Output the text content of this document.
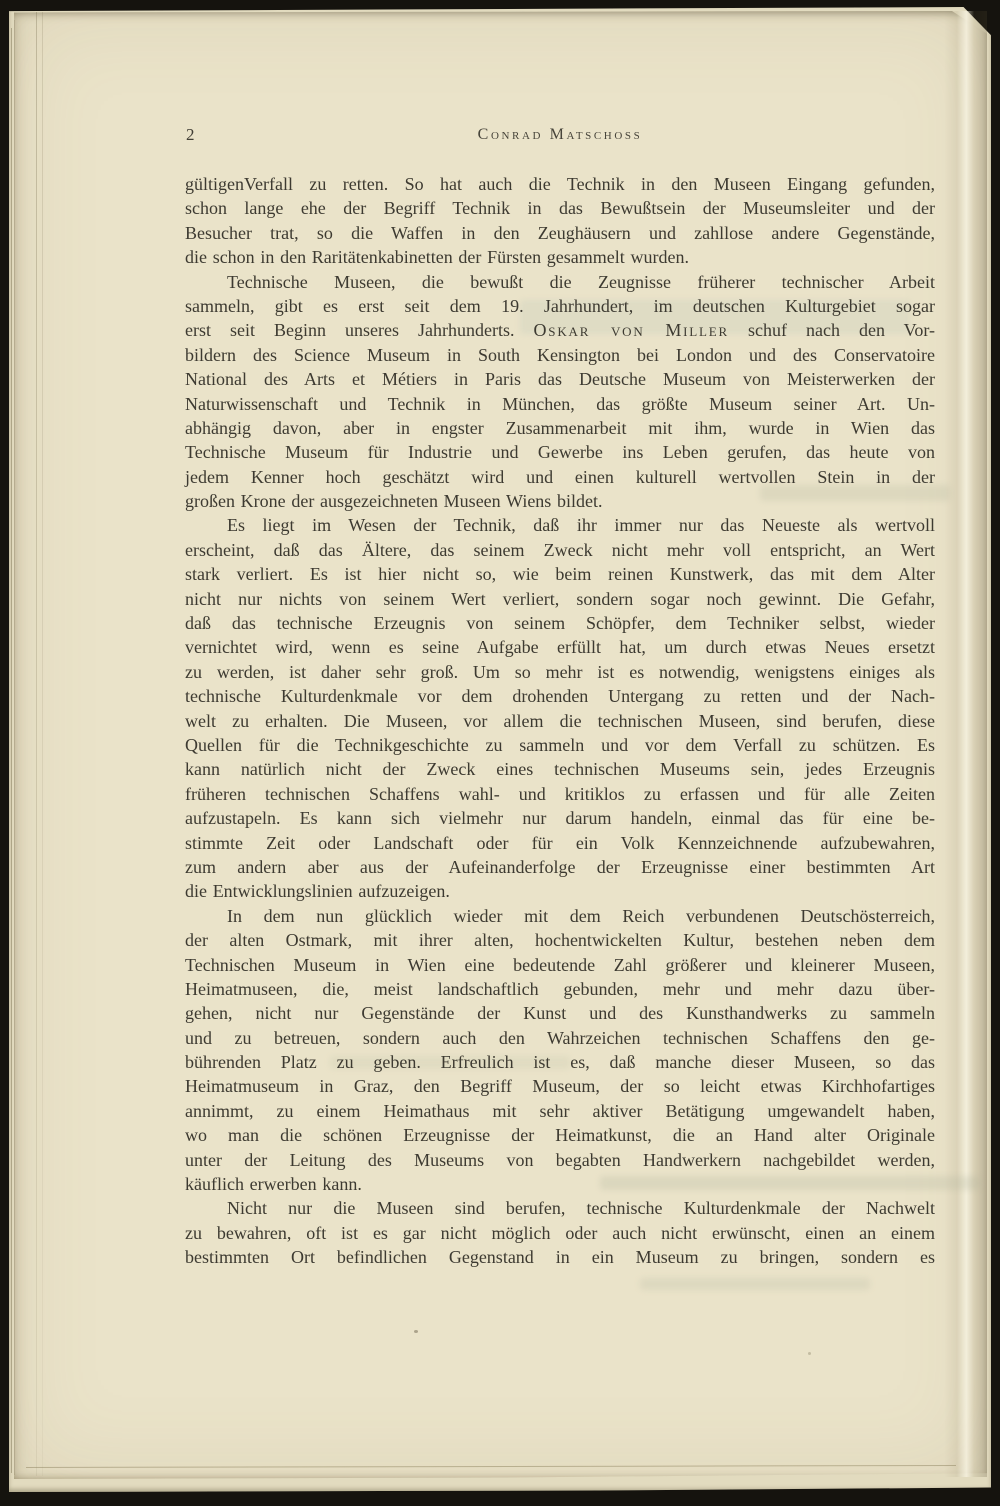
2	Conrad Matschoss
gültigenVerfall zu retten. So hat auch die Technik in den Museen Eingang gefunden,
schon lange ehe der Begriff Technik in das Bewußtsein der Museumsleiter und der
Besucher trat, so die Waffen in den Zeughäusern und zahllose andere Gegenstände,
die schon in den Raritätenkabinetten der Fürsten gesammelt wurden.
Technische Museen, die bewußt die Zeugnisse früherer technischer Arbeit
sammeln, gibt es erst seit dem 19. Jahrhundert, im deutschen Kulturgebiet sogar
erst seit Beginn unseres Jahrhunderts. Oskar von Miller schuf nach den Vor-
bildern des Science Museum in South Kensington bei London und des Conservatoire
National des Arts et Métiers in Paris das Deutsche Museum von Meisterwerken der
Naturwissenschaft und Technik in München, das größte Museum seiner Art. Un-
abhängig davon, aber in engster Zusammenarbeit mit ihm, wurde in Wien das
Technische Museum für Industrie und Gewerbe ins Leben gerufen, das heute von
jedem Kenner hoch geschätzt wird und einen kulturell wertvollen Stein in der
großen Krone der ausgezeichneten Museen Wiens bildet.
Es liegt im Wesen der Technik, daß ihr immer nur das Neueste als wertvoll
erscheint, daß das Ältere, das seinem Zweck nicht mehr voll entspricht, an Wert
stark verliert. Es ist hier nicht so, wie beim reinen Kunstwerk, das mit dem Alter
nicht nur nichts von seinem Wert verliert, sondern sogar noch gewinnt. Die Gefahr,
daß das technische Erzeugnis von seinem Schöpfer, dem Techniker selbst, wieder
vernichtet wird, wenn es seine Aufgabe erfüllt hat, um durch etwas Neues ersetzt
zu werden, ist daher sehr groß. Um so mehr ist es notwendig, wenigstens einiges als
technische Kulturdenkmale vor dem drohenden Untergang zu retten und der Nach-
welt zu erhalten. Die Museen, vor allem die technischen Museen, sind berufen, diese
Quellen für die Technikgeschichte zu sammeln und vor dem Verfall zu schützen. Es
kann natürlich nicht der Zweck eines technischen Museums sein, jedes Erzeugnis
früheren technischen Schaffens wahl- und kritiklos zu erfassen und für alle Zeiten
aufzustapeln. Es kann sich vielmehr nur darum handeln, einmal das für eine be-
stimmte Zeit oder Landschaft oder für ein Volk Kennzeichnende aufzubewahren,
zum andern aber aus der Aufeinanderfolge der Erzeugnisse einer bestimmten Art
die Entwicklungslinien aufzuzeigen.
In dem nun glücklich wieder mit dem Reich verbundenen Deutschösterreich,
der alten Ostmark, mit ihrer alten, hochentwickelten Kultur, bestehen neben dem
Technischen Museum in Wien eine bedeutende Zahl größerer und kleinerer Museen,
Heimatmuseen, die, meist landschaftlich gebunden, mehr und mehr dazu über-
gehen, nicht nur Gegenstände der Kunst und des Kunsthandwerks zu sammeln
und zu betreuen, sondern auch den Wahrzeichen technischen Schaffens den ge-
bührenden Platz zu geben. Erfreulich ist es, daß manche dieser Museen, so das
Heimatmuseum in Graz, den Begriff Museum, der so leicht etwas Kirchhofartiges
annimmt, zu einem Heimathaus mit sehr aktiver Betätigung umgewandelt haben,
wo man die schönen Erzeugnisse der Heimatkunst, die an Hand alter Originale
unter der Leitung des Museums von begabten Handwerkern nachgebildet werden,
käuflich erwerben kann.
Nicht nur die Museen sind berufen, technische Kulturdenkmale der Nachwelt
zu bewahren, oft ist es gar nicht möglich oder auch nicht erwünscht, einen an einem
bestimmten Ort befindlichen Gegenstand in ein Museum zu bringen, sondern es
